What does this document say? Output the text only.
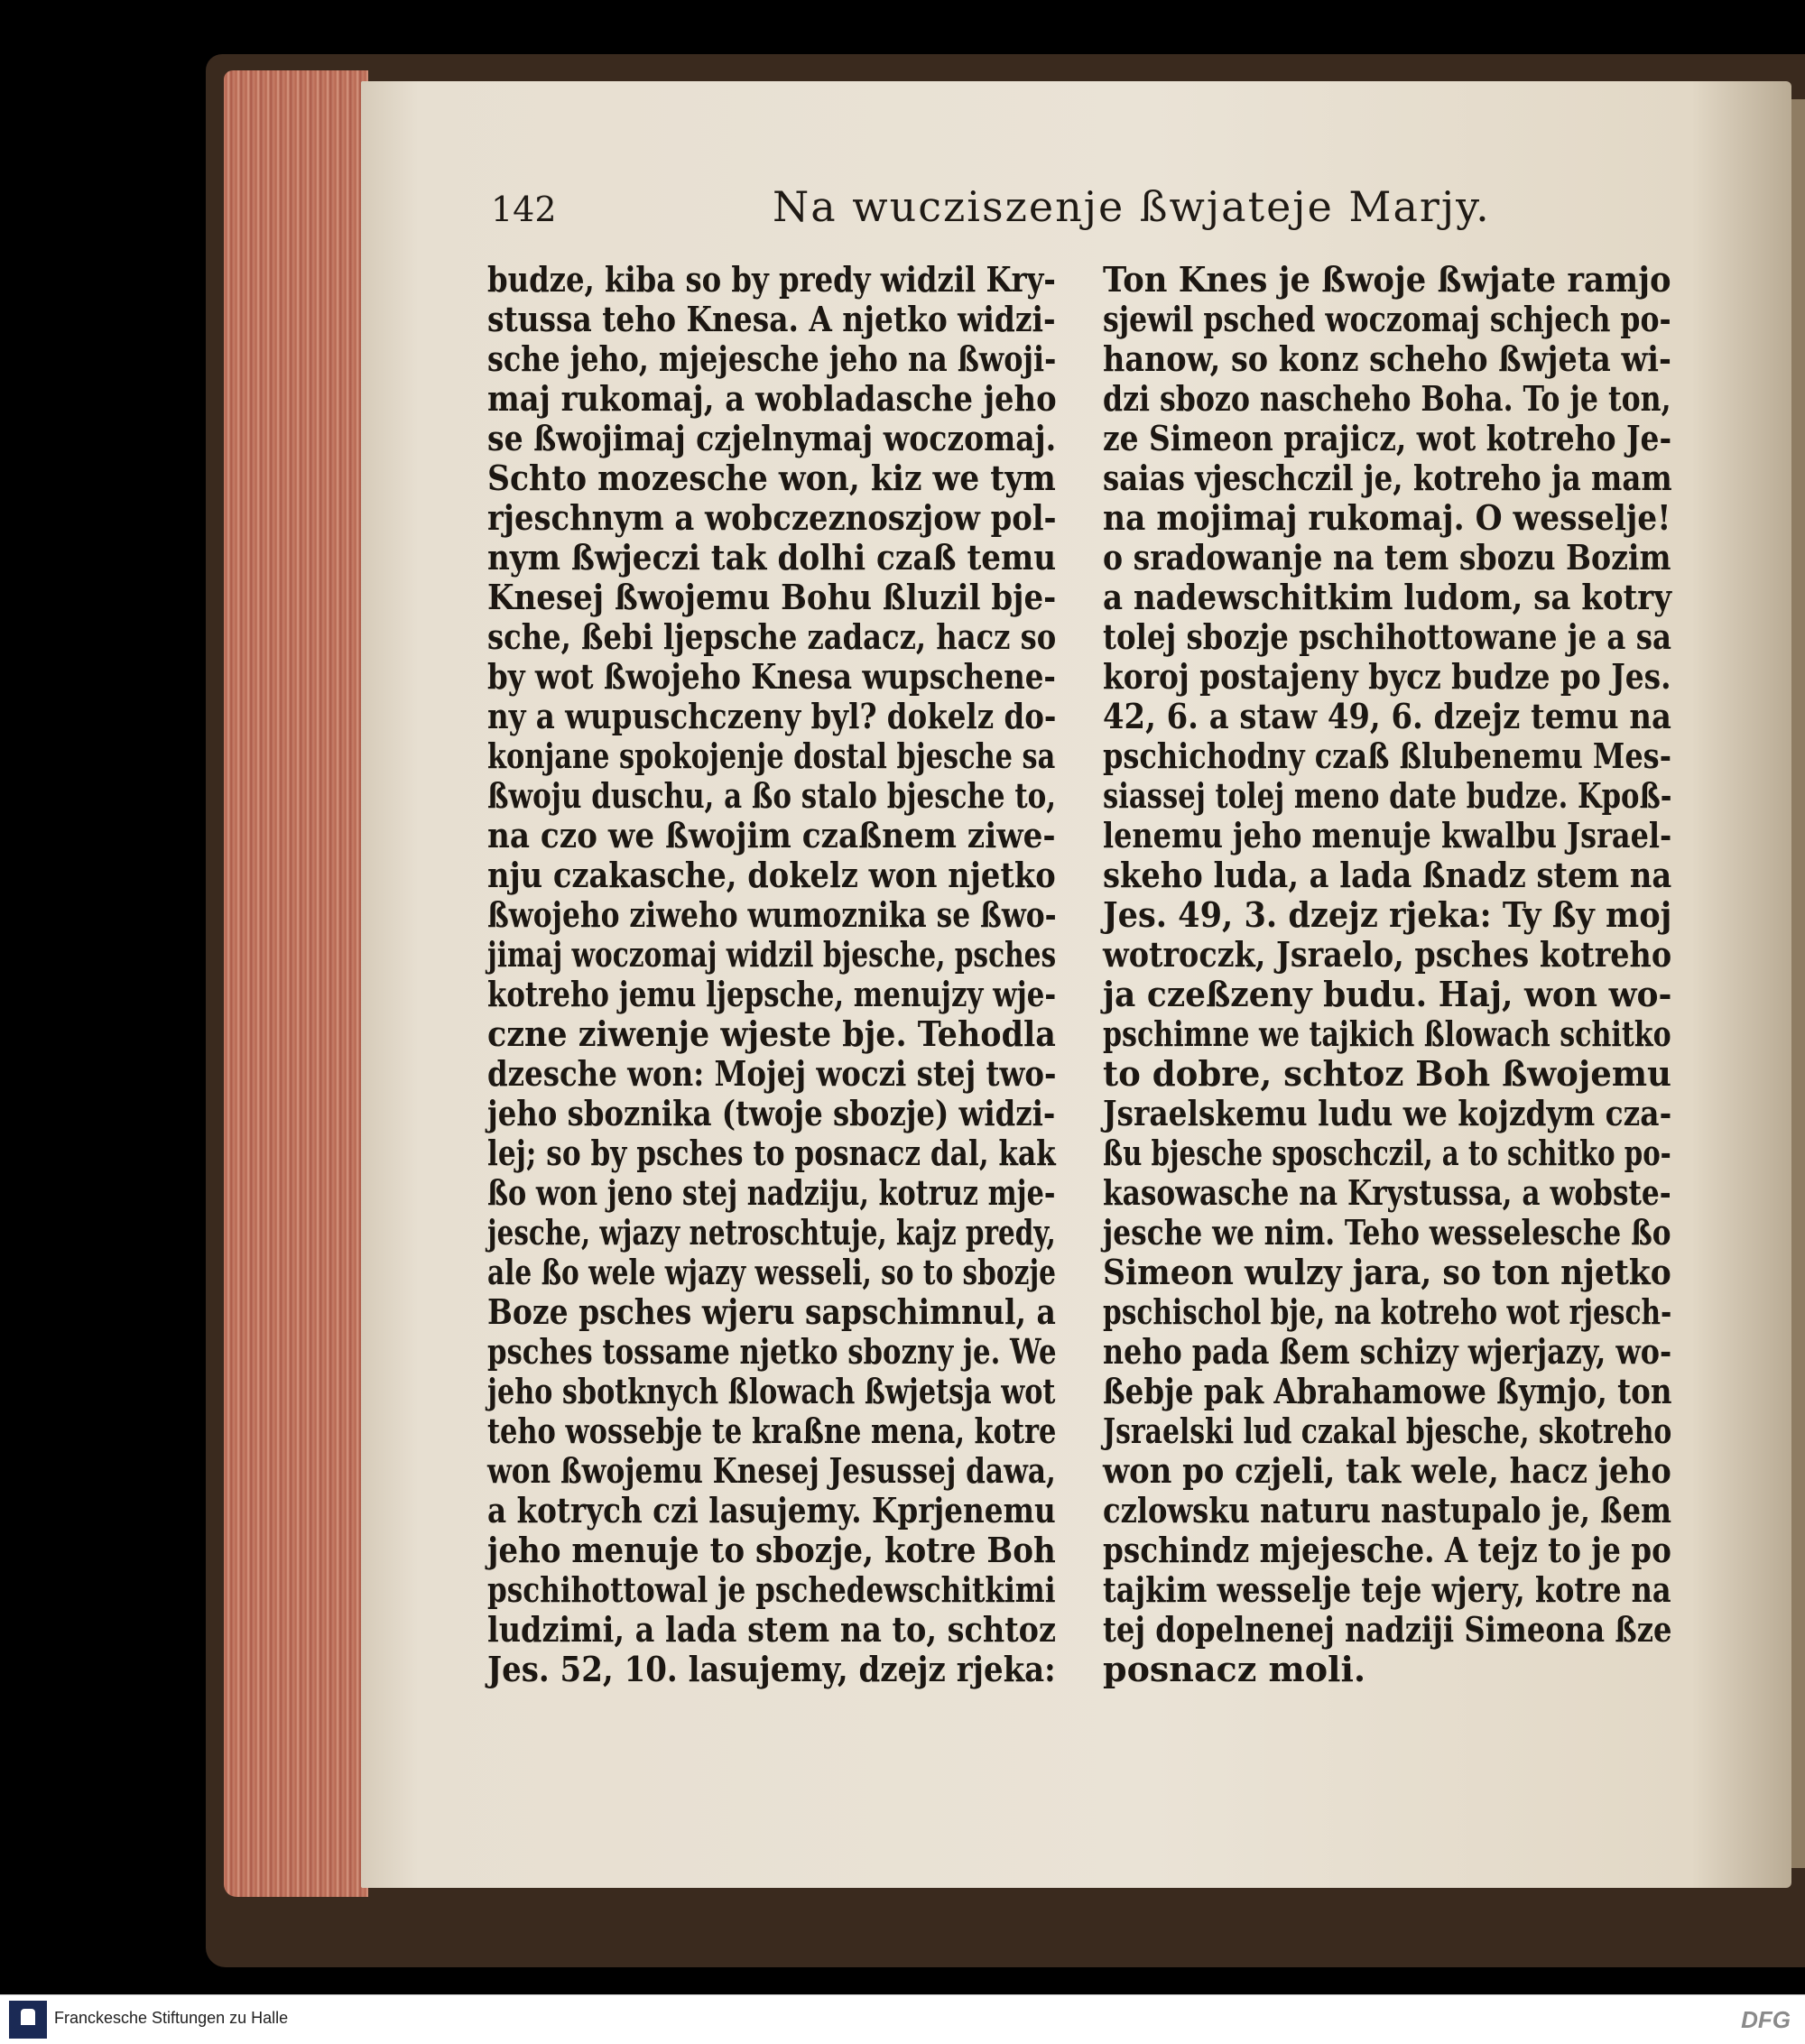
142	Na wucziszenje ßwjateje Marjy.
budze, kiba so by predy widzil Kry-
stussa teho Knesa. A njetko widzi-
sche jeho, mjejesche jeho na ßwoji-
maj rukomaj, a wobladasche jeho
se ßwojimaj czjelnymaj woczomaj.
Schto mozesche won, kiz we tym
rjeschnym a wobczeznoszjow pol-
nym ßwjeczi tak dolhi czaß temu
Knesej ßwojemu Bohu ßluzil bje-
sche, ßebi ljepsche zadacz, hacz so
by wot ßwojeho Knesa wupschene-
ny a wupuschczeny byl? dokelz do-
konjane spokojenje dostal bjesche sa
ßwoju duschu, a ßo stalo bjesche to,
na czo we ßwojim czaßnem ziwe-
nju czakasche, dokelz won njetko
ßwojeho ziweho wumoznika se ßwo-
jimaj woczomaj widzil bjesche, psches
kotreho jemu ljepsche, menujzy wje-
czne ziwenje wjeste bje. Tehodla
dzesche won: Mojej woczi stej two-
jeho sboznika (twoje sbozje) widzi-
lej; so by psches to posnacz dal, kak
ßo won jeno stej nadziju, kotruz mje-
jesche, wjazy netroschtuje, kajz predy,
ale ßo wele wjazy wesseli, so to sbozje
Boze psches wjeru sapschimnul, a
psches tossame njetko sbozny je. We
jeho sbotknych ßlowach ßwjetsja wot
teho wossebje te kraßne mena, kotre
won ßwojemu Knesej Jesussej dawa,
a kotrych czi lasujemy. Kprjenemu
jeho menuje to sbozje, kotre Boh
pschihottowal je pschedewschitkimi
ludzimi, a lada stem na to, schtoz
Jes. 52, 10. lasujemy, dzejz rjeka:
Ton Knes je ßwoje ßwjate ramjo
sjewil psched woczomaj schjech po-
hanow, so konz scheho ßwjeta wi-
dzi sbozo nascheho Boha. To je ton,
ze Simeon prajicz, wot kotreho Je-
saias vjeschczil je, kotreho ja mam
na mojimaj rukomaj. O wesselje!
o sradowanje na tem sbozu Bozim
a nadewschitkim ludom, sa kotry
tolej sbozje pschihottowane je a sa
koroj postajeny bycz budze po Jes.
42, 6. a staw 49, 6. dzejz temu na
pschichodny czaß ßlubenemu Mes-
siassej tolej meno date budze. Kpoß-
lenemu jeho menuje kwalbu Jsrael-
skeho luda, a lada ßnadz stem na
Jes. 49, 3. dzejz rjeka: Ty ßy moj
wotroczk, Jsraelo, psches kotreho
ja czeßzeny budu. Haj, won wo-
pschimne we tajkich ßlowach schitko
to dobre, schtoz Boh ßwojemu
Jsraelskemu ludu we kojzdym cza-
ßu bjesche sposchczil, a to schitko po-
kasowasche na Krystussa, a wobste-
jesche we nim. Teho wesselesche ßo
Simeon wulzy jara, so ton njetko
pschischol bje, na kotreho wot rjesch-
neho pada ßem schizy wjerjazy, wo-
ßebje pak Abrahamowe ßymjo, ton
Jsraelski lud czakal bjesche, skotreho
won po czjeli, tak wele, hacz jeho
czlowsku naturu nastupalo je, ßem
pschindz mjejesche. A tejz to je po
tajkim wesselje teje wjery, kotre na
tej dopelnenej nadziji Simeona ßze
posnacz moli.
Franckesche Stiftungen zu Halle	DFG
